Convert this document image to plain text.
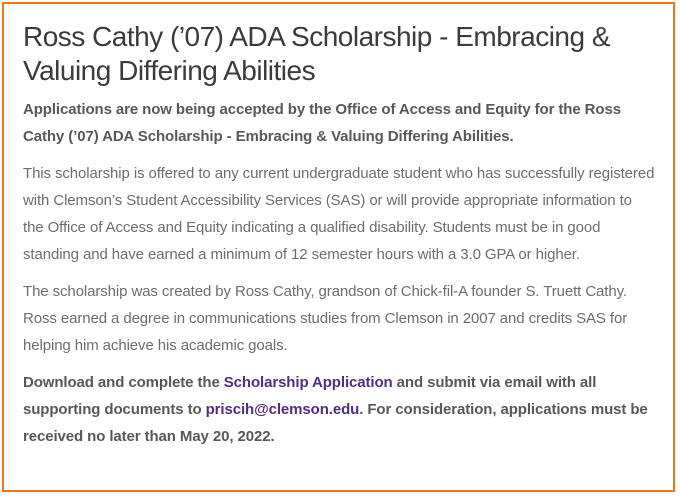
Ross Cathy (’07) ADA Scholarship - Embracing &
Valuing Differing Abilities

Applications are now being accepted by the Office of Access and Equity for the Ross Cathy (’07) ADA Scholarship - Embracing & Valuing Differing Abilities.

This scholarship is offered to any current undergraduate student who has successfully registered with Clemson’s Student Accessibility Services (SAS) or will provide appropriate information to the Office of Access and Equity indicating a qualified disability. Students must be in good standing and have earned a minimum of 12 semester hours with a 3.0 GPA or higher.

The scholarship was created by Ross Cathy, grandson of Chick-fil-A founder S. Truett Cathy. Ross earned a degree in communications studies from Clemson in 2007 and credits SAS for helping him achieve his academic goals.

Download and complete the Scholarship Application and submit via email with all supporting documents to priscih@clemson.edu. For consideration, applications must be received no later than May 20, 2022.
